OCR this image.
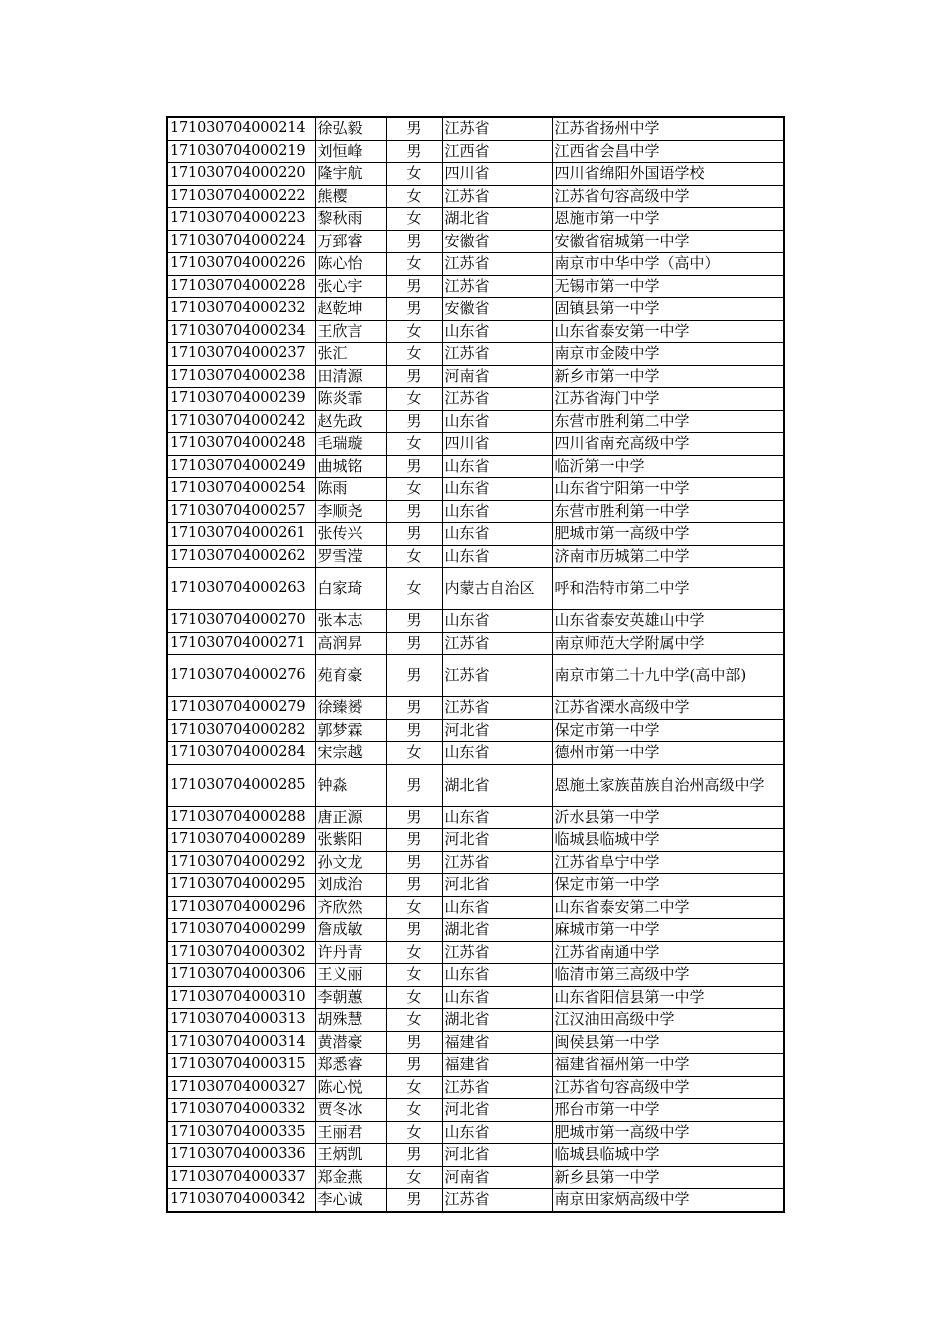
171030704000214	徐弘毅	男	江苏省	江苏省扬州中学
171030704000219	刘恒峰	男	江西省	江西省会昌中学
171030704000220	隆宇航	女	四川省	四川省绵阳外国语学校
171030704000222	熊樱	女	江苏省	江苏省句容高级中学
171030704000223	黎秋雨	女	湖北省	恩施市第一中学
171030704000224	万郅睿	男	安徽省	安徽省宿城第一中学
171030704000226	陈心怡	女	江苏省	南京市中华中学（高中）
171030704000228	张心宇	男	江苏省	无锡市第一中学
171030704000232	赵乾坤	男	安徽省	固镇县第一中学
171030704000234	王欣言	女	山东省	山东省泰安第一中学
171030704000237	张汇	女	江苏省	南京市金陵中学
171030704000238	田清源	男	河南省	新乡市第一中学
171030704000239	陈炎霏	女	江苏省	江苏省海门中学
171030704000242	赵先政	男	山东省	东营市胜利第二中学
171030704000248	毛瑞璇	女	四川省	四川省南充高级中学
171030704000249	曲城铭	男	山东省	临沂第一中学
171030704000254	陈雨	女	山东省	山东省宁阳第一中学
171030704000257	李顺尧	男	山东省	东营市胜利第一中学
171030704000261	张传兴	男	山东省	肥城市第一高级中学
171030704000262	罗雪滢	女	山东省	济南市历城第二中学
171030704000263	白家琦	女	内蒙古自治区	呼和浩特市第二中学
171030704000270	张本志	男	山东省	山东省泰安英雄山中学
171030704000271	高润昇	男	江苏省	南京师范大学附属中学
171030704000276	苑育豪	男	江苏省	南京市第二十九中学(高中部)
171030704000279	徐臻赟	男	江苏省	江苏省溧水高级中学
171030704000282	郭梦霖	男	河北省	保定市第一中学
171030704000284	宋宗越	女	山东省	德州市第一中学
171030704000285	钟淼	男	湖北省	恩施土家族苗族自治州高级中学
171030704000288	唐正源	男	山东省	沂水县第一中学
171030704000289	张紫阳	男	河北省	临城县临城中学
171030704000292	孙文龙	男	江苏省	江苏省阜宁中学
171030704000295	刘成治	男	河北省	保定市第一中学
171030704000296	齐欣然	女	山东省	山东省泰安第二中学
171030704000299	詹成敏	男	湖北省	麻城市第一中学
171030704000302	许丹青	女	江苏省	江苏省南通中学
171030704000306	王义丽	女	山东省	临清市第三高级中学
171030704000310	李朝蕙	女	山东省	山东省阳信县第一中学
171030704000313	胡殊慧	女	湖北省	江汉油田高级中学
171030704000314	黄潜豪	男	福建省	闽侯县第一中学
171030704000315	郑悉睿	男	福建省	福建省福州第一中学
171030704000327	陈心悦	女	江苏省	江苏省句容高级中学
171030704000332	贾冬冰	女	河北省	邢台市第一中学
171030704000335	王丽君	女	山东省	肥城市第一高级中学
171030704000336	王炳凯	男	河北省	临城县临城中学
171030704000337	郑金燕	女	河南省	新乡县第一中学
171030704000342	李心诚	男	江苏省	南京田家炳高级中学
